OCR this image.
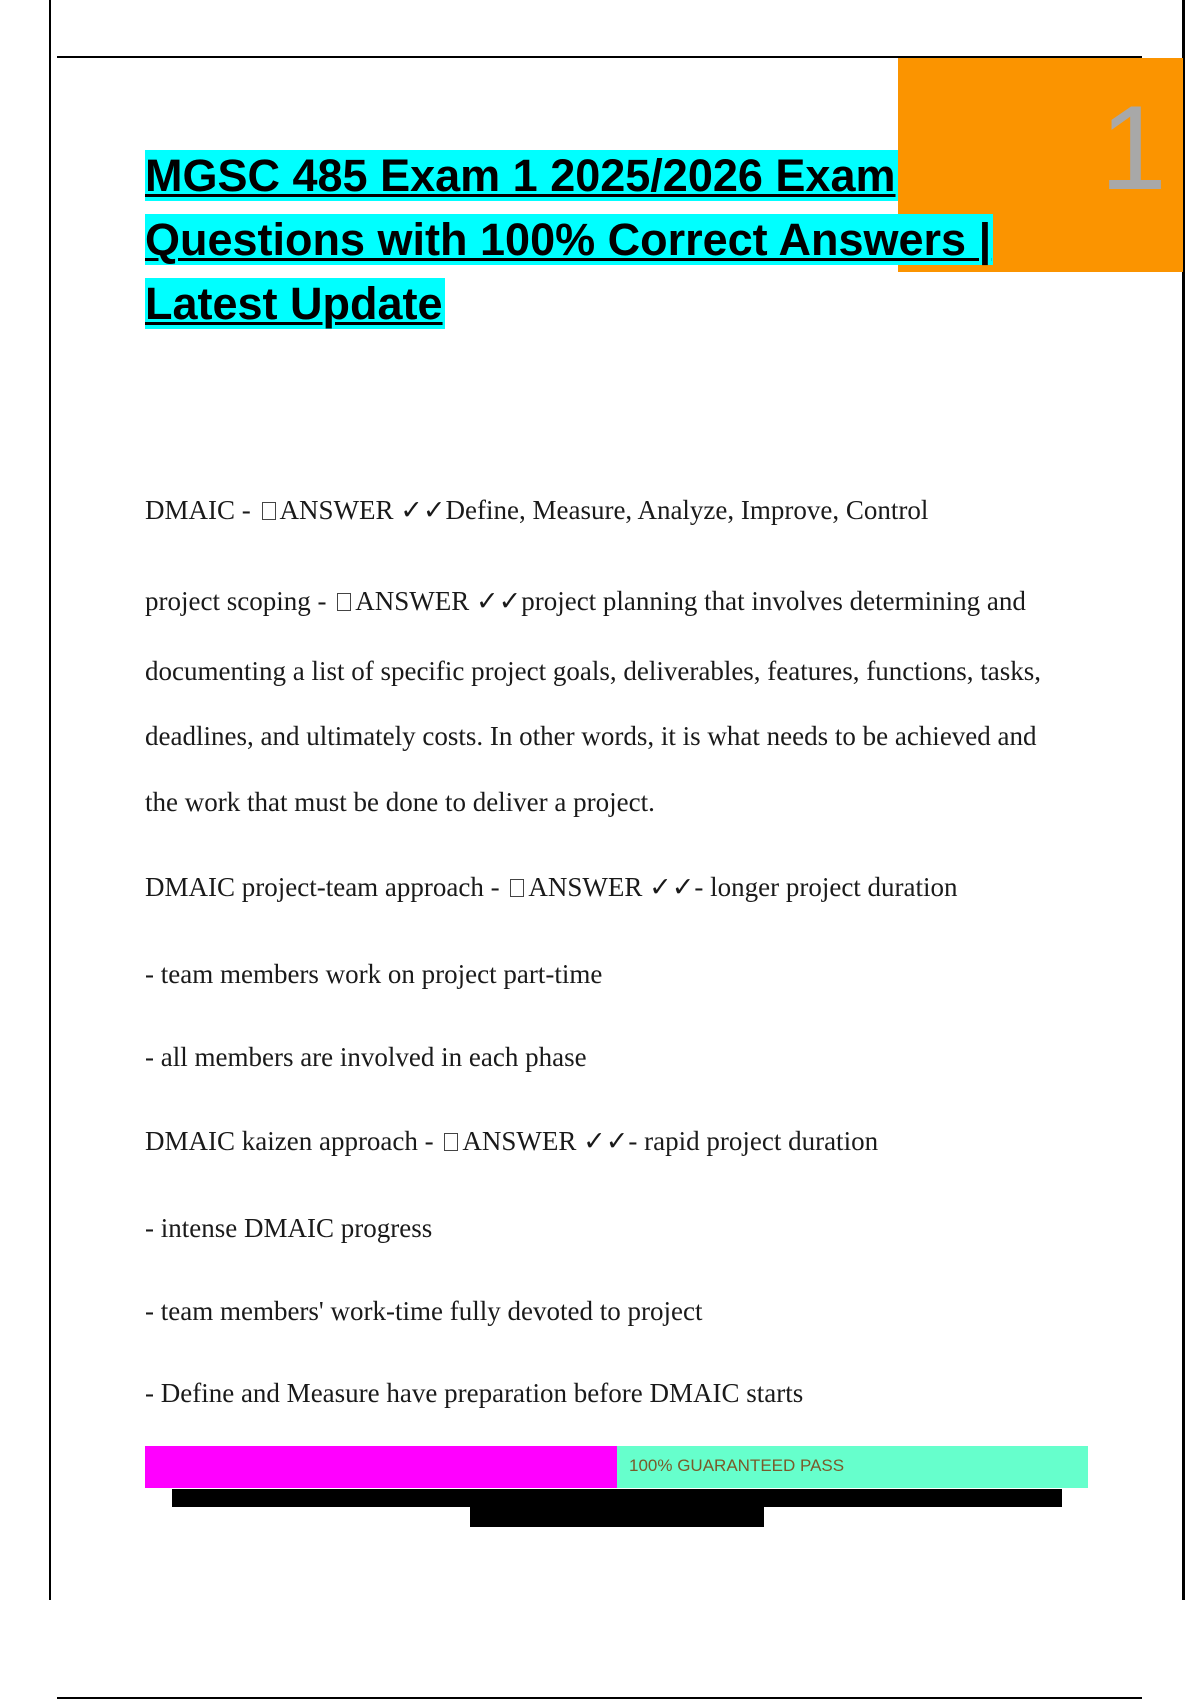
1
MGSC 485 Exam 1 2025/2026 Exam
Questions with 100% Correct Answers |
Latest Update
DMAIC - ANSWER ✓✓Define, Measure, Analyze, Improve, Control
project scoping - ANSWER ✓✓project planning that involves determining and
documenting a list of specific project goals, deliverables, features, functions, tasks,
deadlines, and ultimately costs. In other words, it is what needs to be achieved and
the work that must be done to deliver a project.
DMAIC project-team approach - ANSWER ✓✓- longer project duration
- team members work on project part-time
- all members are involved in each phase
DMAIC kaizen approach - ANSWER ✓✓- rapid project duration
- intense DMAIC progress
- team members' work-time fully devoted to project
- Define and Measure have preparation before DMAIC starts
100% GUARANTEED PASS
